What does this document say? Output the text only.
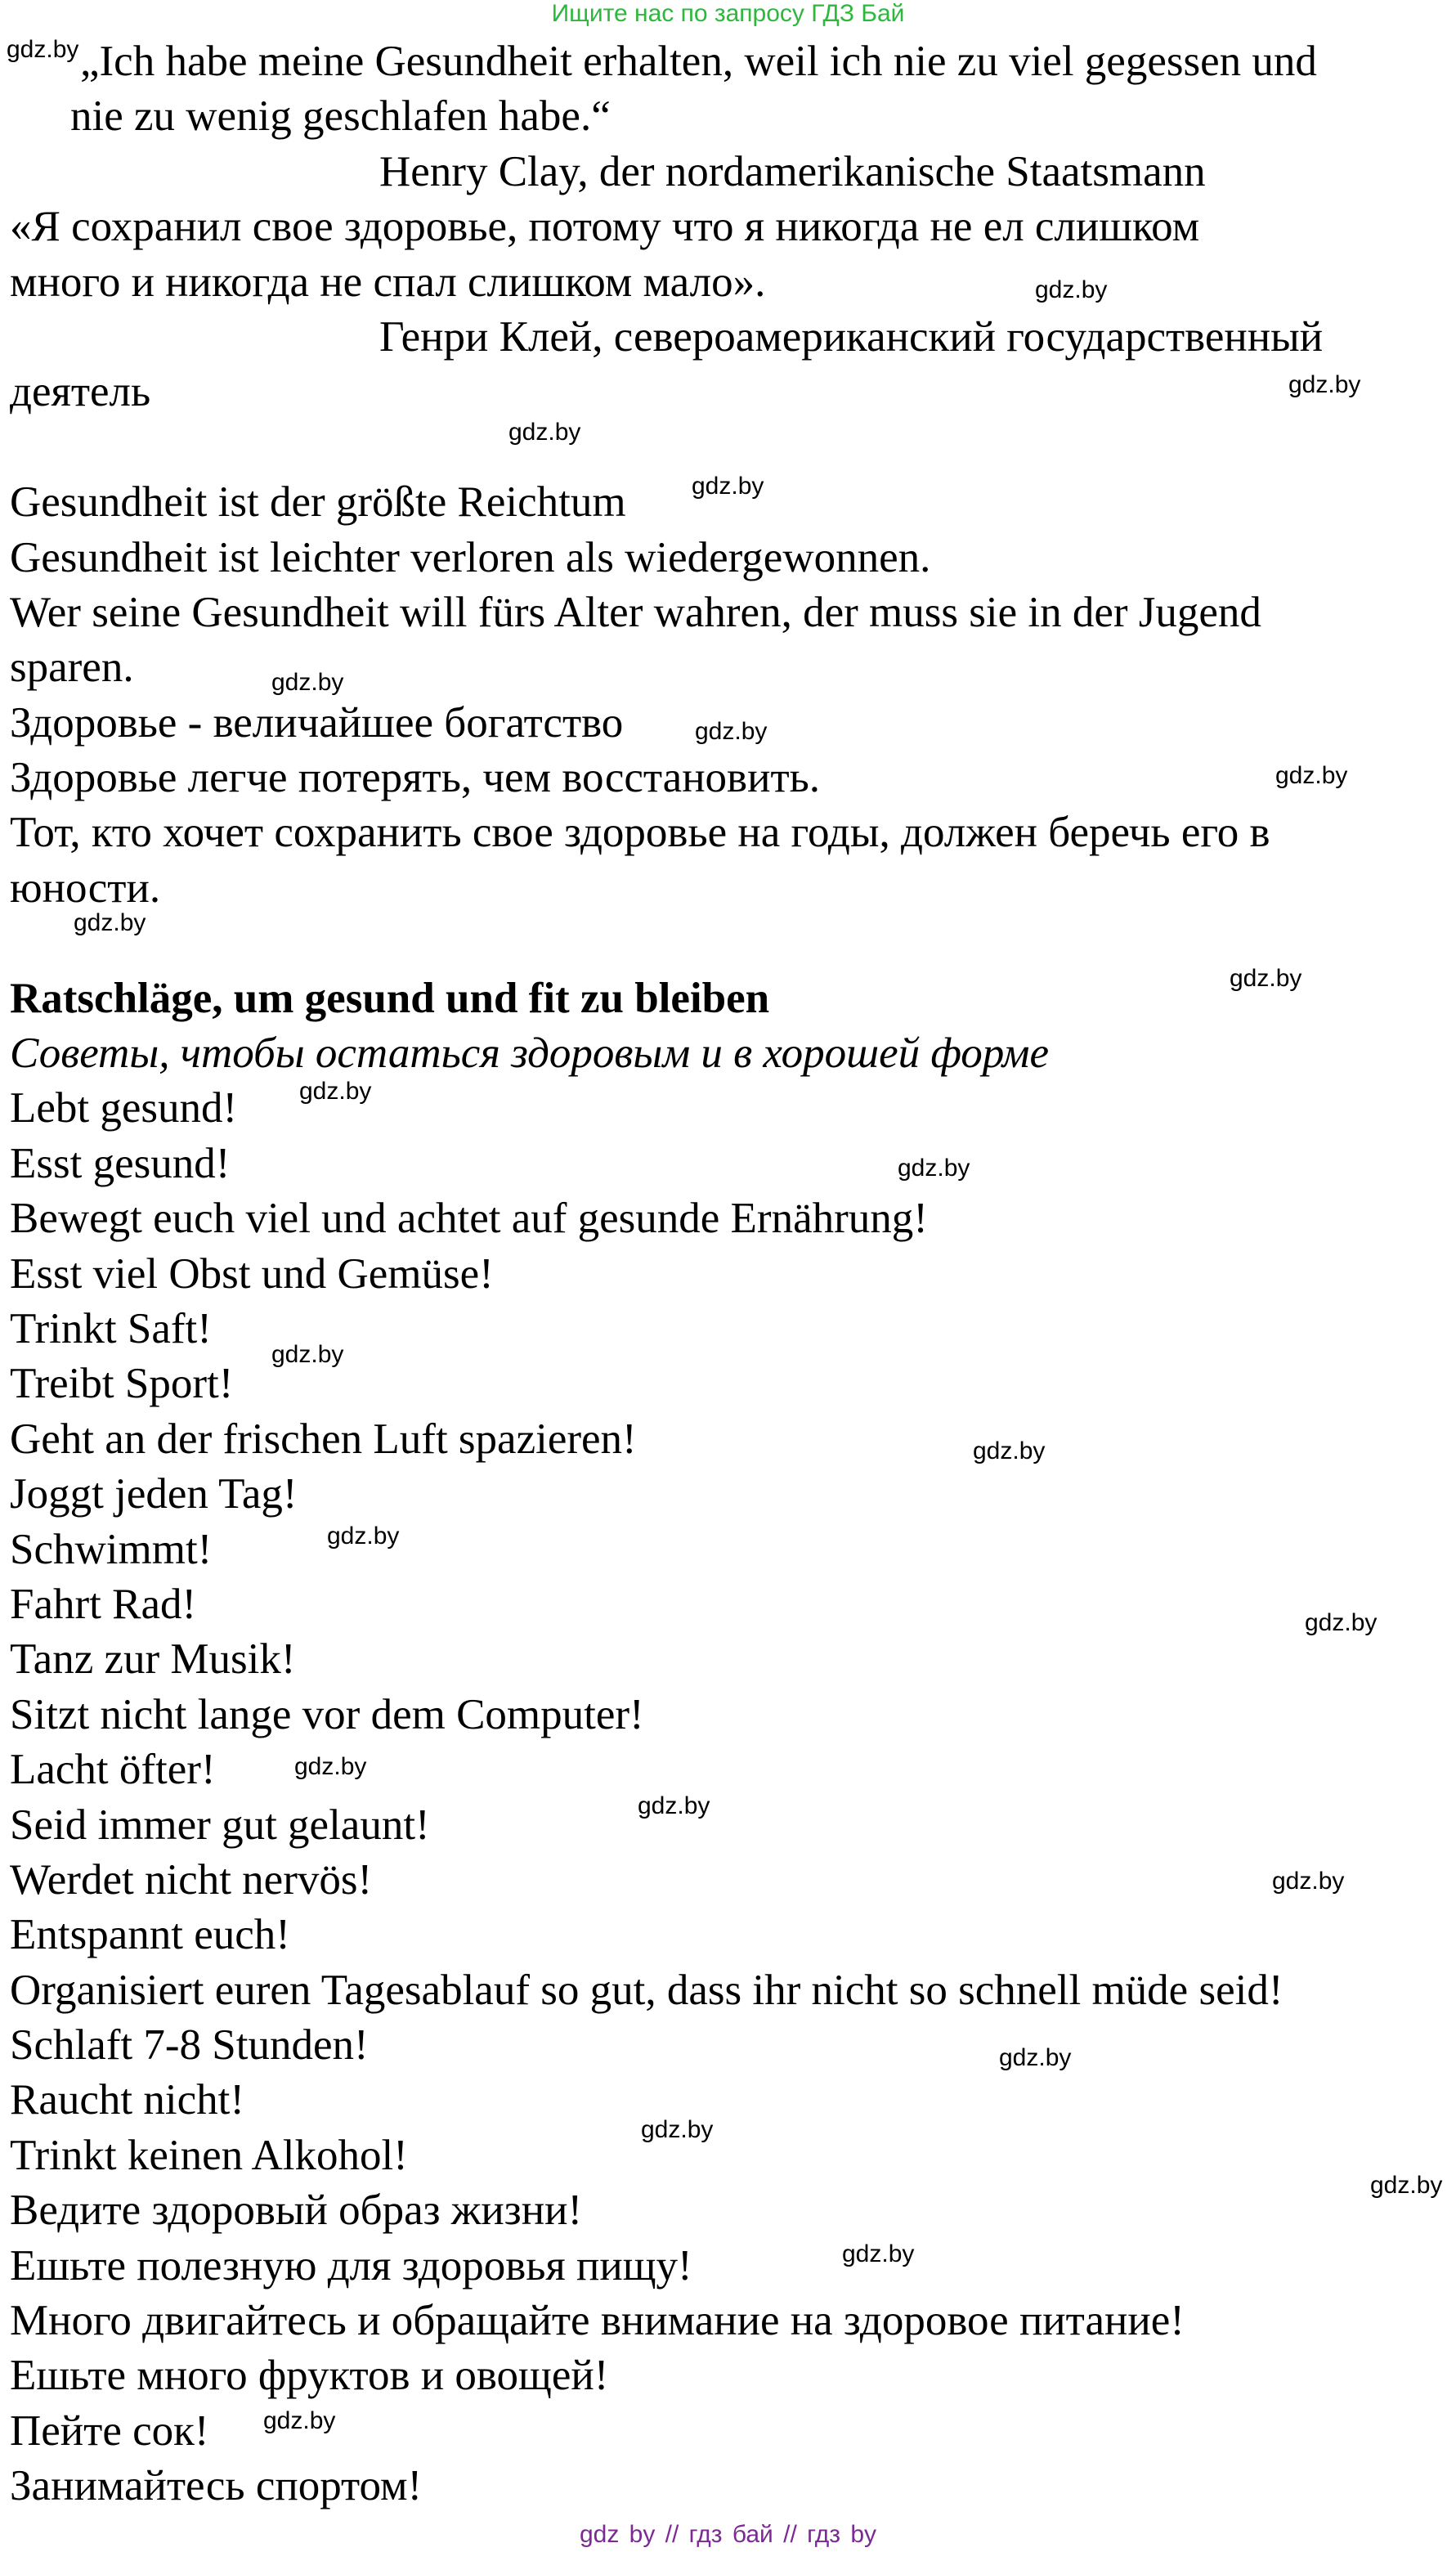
Ищите нас по запросу ГДЗ Бай
„Ich habe meine Gesundheit erhalten, weil ich nie zu viel gegessen und
nie zu wenig geschlafen habe.“
Henry Clay, der nordamerikanische Staatsmann
«Я сохранил свое здоровье, потому что я никогда не ел слишком
много и никогда не спал слишком мало».
Генри Клей, североамериканский государственный
деятель
Gesundheit ist der größte Reichtum
Gesundheit ist leichter verloren als wiedergewonnen.
Wer seine Gesundheit will fürs Alter wahren, der muss sie in der Jugend
sparen.
Здоровье - величайшее богатство
Здоровье легче потерять, чем восстановить.
Тот, кто хочет сохранить свое здоровье на годы, должен беречь его в
юности.
Ratschläge, um gesund und fit zu bleiben
Советы, чтобы остаться здоровым и в хорошей форме
Lebt gesund!
Esst gesund!
Bewegt euch viel und achtet auf gesunde Ernährung!
Esst viel Obst und Gemüse!
Trinkt Saft!
Treibt Sport!
Geht an der frischen Luft spazieren!
Joggt jeden Tag!
Schwimmt!
Fahrt Rad!
Tanz zur Musik!
Sitzt nicht lange vor dem Computer!
Lacht öfter!
Seid immer gut gelaunt!
Werdet nicht nervös!
Entspannt euch!
Organisiert euren Tagesablauf so gut, dass ihr nicht so schnell müde seid!
Schlaft 7-8 Stunden!
Raucht nicht!
Trinkt keinen Alkohol!
Ведите здоровый образ жизни!
Ешьте полезную для здоровья пищу!
Много двигайтесь и обращайте внимание на здоровое питание!
Ешьте много фруктов и овощей!
Пейте сок!
Занимайтесь спортом!
gdz.by
gdz.by
gdz.by
gdz.by
gdz.by
gdz.by
gdz.by
gdz.by
gdz.by
gdz.by
gdz.by
gdz.by
gdz.by
gdz.by
gdz.by
gdz.by
gdz.by
gdz.by
gdz.by
gdz.by
gdz.by
gdz.by
gdz.by
gdz.by
gdz by // гдз бай // гдз by
